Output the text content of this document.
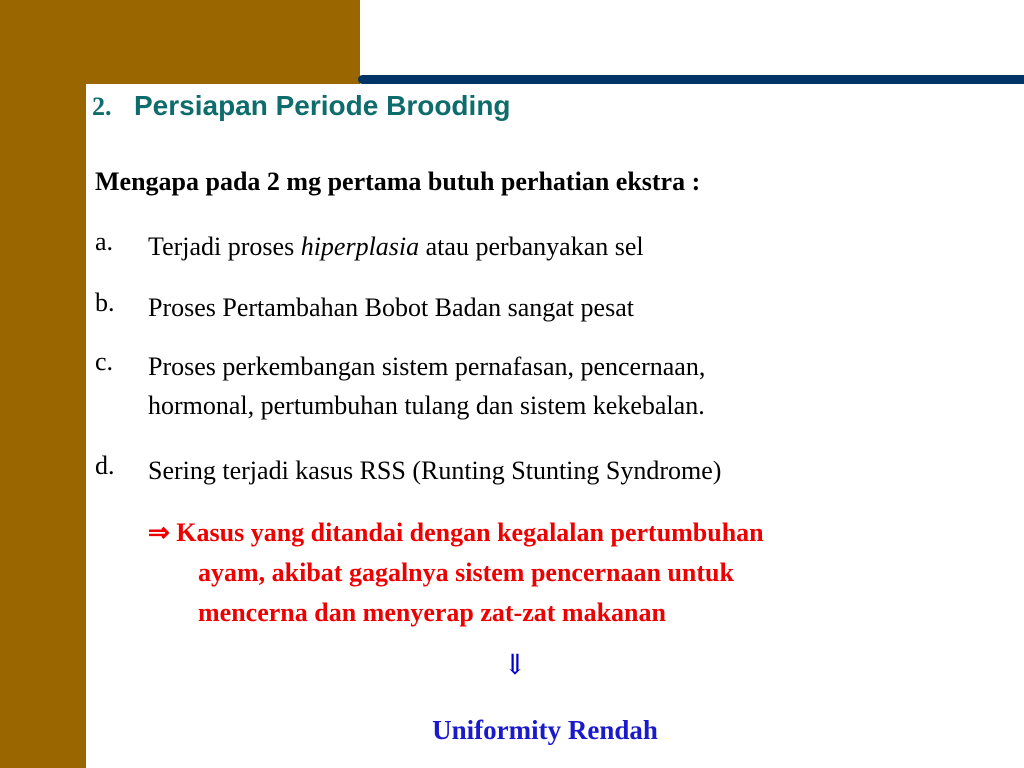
2. Persiapan Periode Brooding
Mengapa pada 2 mg pertama butuh perhatian ekstra :
a. Terjadi proses hiperplasia atau perbanyakan sel
b. Proses Pertambahan Bobot Badan sangat pesat
c. Proses perkembangan sistem pernafasan, pencernaan,
hormonal, pertumbuhan tulang dan sistem kekebalan.
d. Sering terjadi kasus RSS (Runting Stunting Syndrome)
⇒ Kasus yang ditandai dengan kegalalan pertumbuhan
ayam, akibat gagalnya sistem pencernaan untuk
mencerna dan menyerap zat-zat makanan
⇓
Uniformity Rendah
